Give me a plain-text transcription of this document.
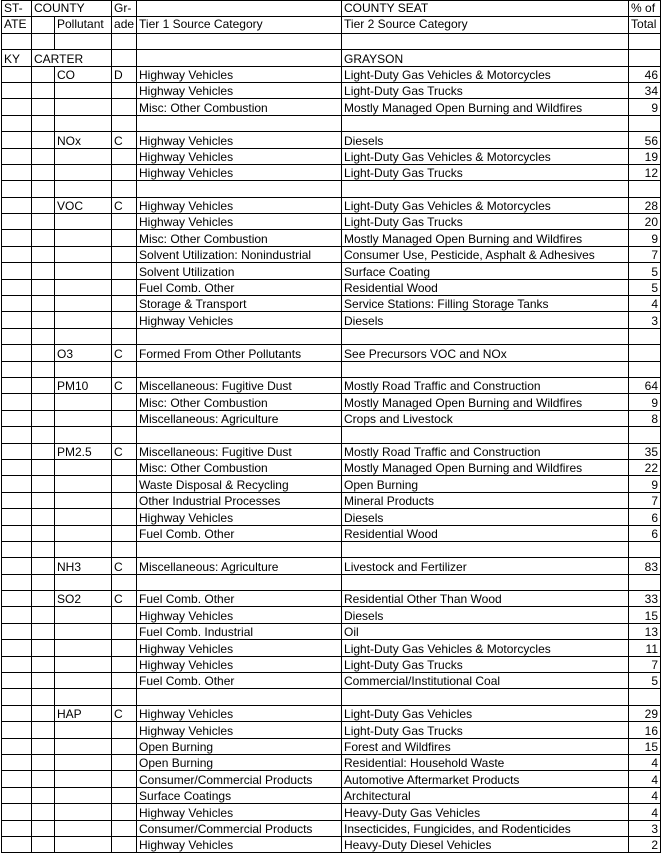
ST-	COUNTY		Gr-		COUNTY SEAT	% of
ATE		Pollutant	ade	Tier 1 Source Category	Tier 2 Source Category	Total

KY	CARTER				GRAYSON	
		CO	D	Highway Vehicles	Light-Duty Gas Vehicles & Motorcycles	46
				Highway Vehicles	Light-Duty Gas Trucks	34
				Misc: Other Combustion	Mostly Managed Open Burning and Wildfires	9

		NOx	C	Highway Vehicles	Diesels	56
				Highway Vehicles	Light-Duty Gas Vehicles & Motorcycles	19
				Highway Vehicles	Light-Duty Gas Trucks	12

		VOC	C	Highway Vehicles	Light-Duty Gas Vehicles & Motorcycles	28
				Highway Vehicles	Light-Duty Gas Trucks	20
				Misc: Other Combustion	Mostly Managed Open Burning and Wildfires	9
				Solvent Utilization: Nonindustrial	Consumer Use, Pesticide, Asphalt & Adhesives	7
				Solvent Utilization	Surface Coating	5
				Fuel Comb. Other	Residential Wood	5
				Storage & Transport	Service Stations: Filling Storage Tanks	4
				Highway Vehicles	Diesels	3

		O3	C	Formed From Other Pollutants	See Precursors VOC and NOx	

		PM10	C	Miscellaneous: Fugitive Dust	Mostly Road Traffic and Construction	64
				Misc: Other Combustion	Mostly Managed Open Burning and Wildfires	9
				Miscellaneous: Agriculture	Crops and Livestock	8

		PM2.5	C	Miscellaneous: Fugitive Dust	Mostly Road Traffic and Construction	35
				Misc: Other Combustion	Mostly Managed Open Burning and Wildfires	22
				Waste Disposal & Recycling	Open Burning	9
				Other Industrial Processes	Mineral Products	7
				Highway Vehicles	Diesels	6
				Fuel Comb. Other	Residential Wood	6

		NH3	C	Miscellaneous: Agriculture	Livestock and Fertilizer	83

		SO2	C	Fuel Comb. Other	Residential Other Than Wood	33
				Highway Vehicles	Diesels	15
				Fuel Comb. Industrial	Oil	13
				Highway Vehicles	Light-Duty Gas Vehicles & Motorcycles	11
				Highway Vehicles	Light-Duty Gas Trucks	7
				Fuel Comb. Other	Commercial/Institutional Coal	5

		HAP	C	Highway Vehicles	Light-Duty Gas Vehicles	29
				Highway Vehicles	Light-Duty Gas Trucks	16
				Open Burning	Forest and Wildfires	15
				Open Burning	Residential: Household Waste	4
				Consumer/Commercial Products	Automotive Aftermarket Products	4
				Surface Coatings	Architectural	4
				Highway Vehicles	Heavy-Duty Gas Vehicles	4
				Consumer/Commercial Products	Insecticides, Fungicides, and Rodenticides	3
				Highway Vehicles	Heavy-Duty Diesel Vehicles	2
